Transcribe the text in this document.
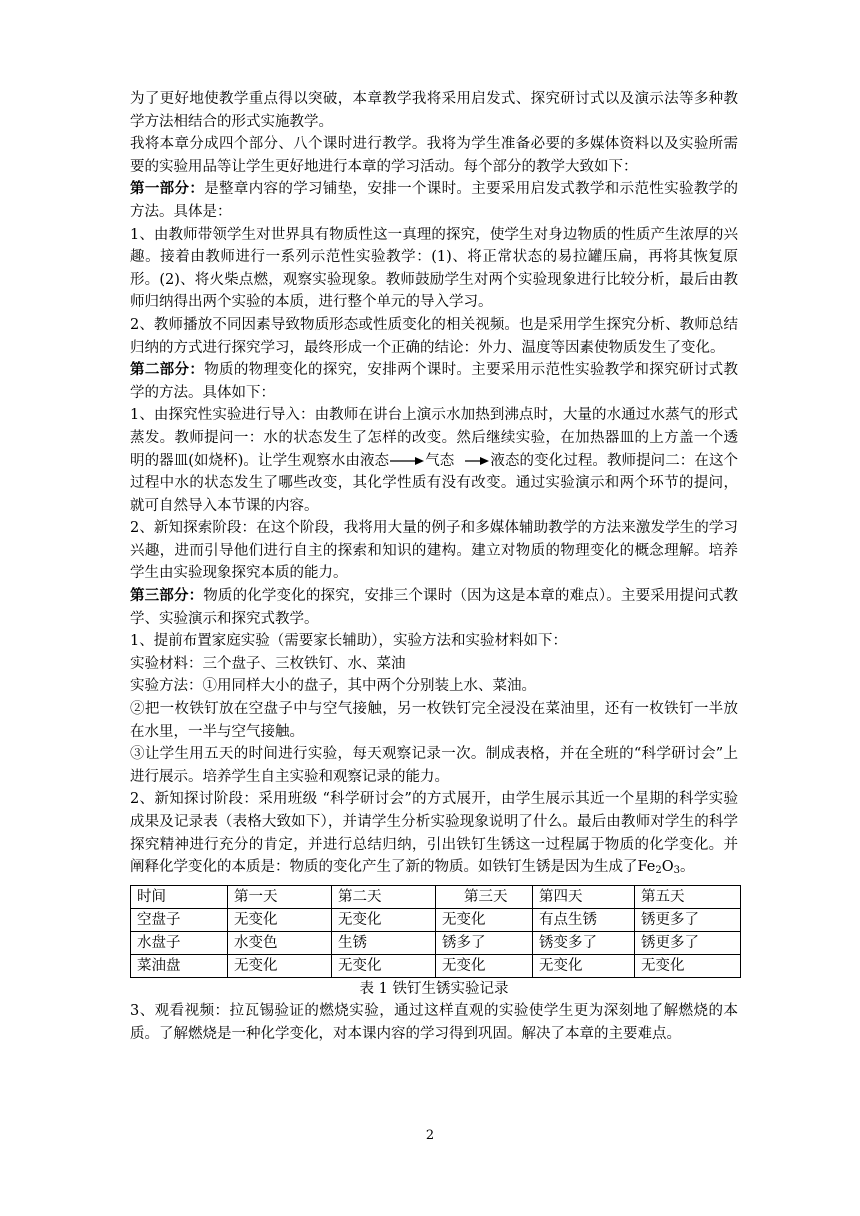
为了更好地使教学重点得以突破，本章教学我将采用启发式、探究研讨式以及演示法等多种教学方法相结合的形式实施教学。

我将本章分成四个部分、八个课时进行教学。我将为学生准备必要的多媒体资料以及实验所需要的实验用品等让学生更好地进行本章的学习活动。每个部分的教学大致如下：

第一部分：是整章内容的学习铺垫，安排一个课时。主要采用启发式教学和示范性实验教学的方法。具体是：

1、由教师带领学生对世界具有物质性这一真理的探究，使学生对身边物质的性质产生浓厚的兴趣。接着由教师进行一系列示范性实验教学：(1)、将正常状态的易拉罐压扁，再将其恢复原形。(2)、将火柴点燃，观察实验现象。教师鼓励学生对两个实验现象进行比较分析，最后由教师归纳得出两个实验的本质，进行整个单元的导入学习。

2、教师播放不同因素导致物质形态或性质变化的相关视频。也是采用学生探究分析、教师总结归纳的方式进行探究学习，最终形成一个正确的结论：外力、温度等因素使物质发生了变化。

第二部分：物质的物理变化的探究，安排两个课时。主要采用示范性实验教学和探究研讨式教学的方法。具体如下：

1、由探究性实验进行导入：由教师在讲台上演示水加热到沸点时，大量的水通过水蒸气的形式蒸发。教师提问一：水的状态发生了怎样的改变。然后继续实验，在加热器皿的上方盖一个透明的器皿(如烧杯)。让学生观察水由液态 气态 液态的变化过程。教师提问二：在这个过程中水的状态发生了哪些改变，其化学性质有没有改变。通过实验演示和两个环节的提问，就可自然导入本节课的内容。

2、新知探索阶段：在这个阶段，我将用大量的例子和多媒体辅助教学的方法来激发学生的学习兴趣，进而引导他们进行自主的探索和知识的建构。建立对物质的物理变化的概念理解。培养学生由实验现象探究本质的能力。

第三部分：物质的化学变化的探究，安排三个课时（因为这是本章的难点）。主要采用提问式教学、实验演示和探究式教学。

1、提前布置家庭实验（需要家长辅助），实验方法和实验材料如下：

实验材料：三个盘子、三枚铁钉、水、菜油

实验方法：①用同样大小的盘子，其中两个分别装上水、菜油。

②把一枚铁钉放在空盘子中与空气接触，另一枚铁钉完全浸没在菜油里，还有一枚铁钉一半放在水里，一半与空气接触。

③让学生用五天的时间进行实验，每天观察记录一次。制成表格，并在全班的“科学研讨会”上进行展示。培养学生自主实验和观察记录的能力。

2、新知探讨阶段：采用班级 “科学研讨会”的方式展开，由学生展示其近一个星期的科学实验成果及记录表（表格大致如下），并请学生分析实验现象说明了什么。最后由教师对学生的科学探究精神进行充分的肯定，并进行总结归纳，引出铁钉生锈这一过程属于物质的化学变化。并阐释化学变化的本质是：物质的变化产生了新的物质。如铁钉生锈是因为生成了$Fe_2O_3$。

时间	第一天	第二天	第三天	第四天	第五天
空盘子	无变化	无变化	无变化	有点生锈	锈更多了
水盘子	水变色	生锈	锈多了	锈变多了	锈更多了
菜油盘	无变化	无变化	无变化	无变化	无变化

表 1 铁钉生锈实验记录

3、观看视频：拉瓦锡验证的燃烧实验，通过这样直观的实验使学生更为深刻地了解燃烧的本质。了解燃烧是一种化学变化，对本课内容的学习得到巩固。解决了本章的主要难点。

2
